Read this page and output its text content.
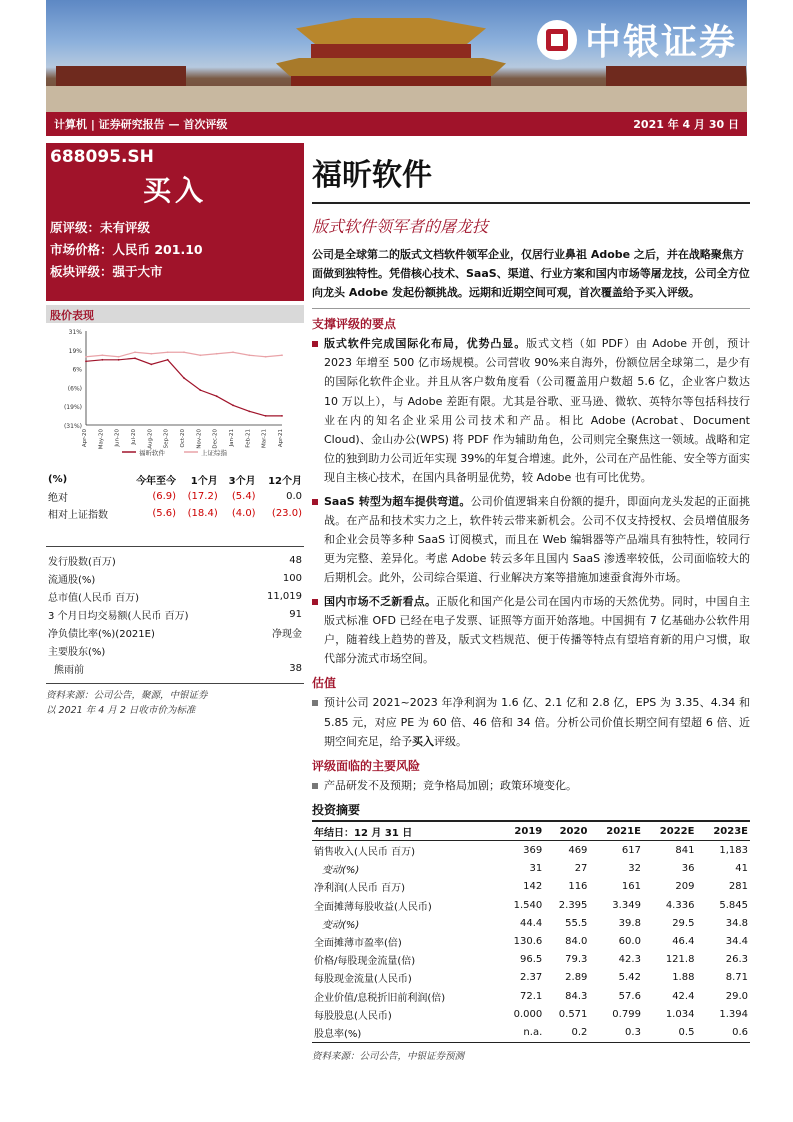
中银证券
计算机 | 证券研究报告 — 首次评级	2021 年 4 月 30 日
688095.SH
买入
原评级：未有评级
市场价格：人民币 201.10
板块评级：强于大市
股价表现
31%
19%
6%
(6%)
(19%)
(31%)
Apr-20 May-20 Jun-20 Jul-20 Aug-20 Sep-20 Oct-20 Nov-20 Dec-20 Jan-21 Feb-21 Mar-21 Apr-21
福昕软件	上证综指
(%)	今年至今	1个月	3个月	12个月
绝对	(6.9)	(17.2)	(5.4)	0.0
相对上证指数	(5.6)	(18.4)	(4.0)	(23.0)
发行股数(百万)	48
流通股(%)	100
总市值(人民币 百万)	11,019
3 个月日均交易额(人民币 百万)	91
净负债比率(%)(2021E)	净现金
主要股东(%)	
熊雨前	38
资料来源：公司公告，聚源，中银证券
以 2021 年 4 月 2 日收市价为标准
福昕软件
版式软件领军者的屠龙技
公司是全球第二的版式文档软件领军企业，仅居行业鼻祖 Adobe 之后，并在战略聚焦方面做到独特性。凭借核心技术、SaaS、渠道、行业方案和国内市场等屠龙技，公司全方位向龙头 Adobe 发起份额挑战。远期和近期空间可观，首次覆盖给予买入评级。
支撑评级的要点
版式软件完成国际化布局，优势凸显。版式文档（如 PDF）由 Adobe 开创，预计 2023 年增至 500 亿市场规模。公司营收 90%来自海外，份额位居全球第二，是少有的国际化软件企业。并且从客户数角度看（公司覆盖用户数超 5.6 亿，企业客户数达 10 万以上），与 Adobe 差距有限。尤其是谷歌、亚马逊、微软、英特尔等包括科技行业在内的知名企业采用公司技术和产品。相比 Adobe (Acrobat、Document Cloud)、金山办公(WPS) 将 PDF 作为辅助角色，公司则完全聚焦这一领域。战略和定位的独到助力公司近年实现 39%的年复合增速。此外，公司在产品性能、安全等方面实现自主核心技术，在国内具备明显优势，较 Adobe 也有可比优势。
SaaS 转型为超车提供弯道。公司价值逻辑来自份额的提升，即面向龙头发起的正面挑战。在产品和技术实力之上，软件转云带来新机会。公司不仅支持授权、会员增值服务和企业会员等多种 SaaS 订阅模式，而且在 Web 编辑器等产品端具有独特性，较同行更为完整、差异化。考虑 Adobe 转云多年且国内 SaaS 渗透率较低，公司面临较大的后期机会。此外，公司综合渠道、行业解决方案等措施加速蚕食海外市场。
国内市场不乏新看点。正版化和国产化是公司在国内市场的天然优势。同时，中国自主版式标准 OFD 已经在电子发票、证照等方面开始落地。中国拥有 7 亿基础办公软件用户，随着线上趋势的普及，版式文档规范、便于传播等特点有望培育新的用户习惯，取代部分流式市场空间。
估值
预计公司 2021~2023 年净利润为 1.6 亿、2.1 亿和 2.8 亿，EPS 为 3.35、4.34 和 5.85 元，对应 PE 为 60 倍、46 倍和 34 倍。分析公司价值长期空间有望超 6 倍、近期空间充足，给予买入评级。
评级面临的主要风险
产品研发不及预期；竞争格局加剧；政策环境变化。
投资摘要
年结日：12 月 31 日	2019	2020	2021E	2022E	2023E
销售收入(人民币 百万)	369	469	617	841	1,183
变动(%)	31	27	32	36	41
净利润(人民币 百万)	142	116	161	209	281
全面摊薄每股收益(人民币)	1.540	2.395	3.349	4.336	5.845
变动(%)	44.4	55.5	39.8	29.5	34.8
全面摊薄市盈率(倍)	130.6	84.0	60.0	46.4	34.4
价格/每股现金流量(倍)	96.5	79.3	42.3	121.8	26.3
每股现金流量(人民币)	2.37	2.89	5.42	1.88	8.71
企业价值/息税折旧前利润(倍)	72.1	84.3	57.6	42.4	29.0
每股股息(人民币)	0.000	0.571	0.799	1.034	1.394
股息率(%)	n.a.	0.2	0.3	0.5	0.6
资料来源：公司公告，中银证券预测
